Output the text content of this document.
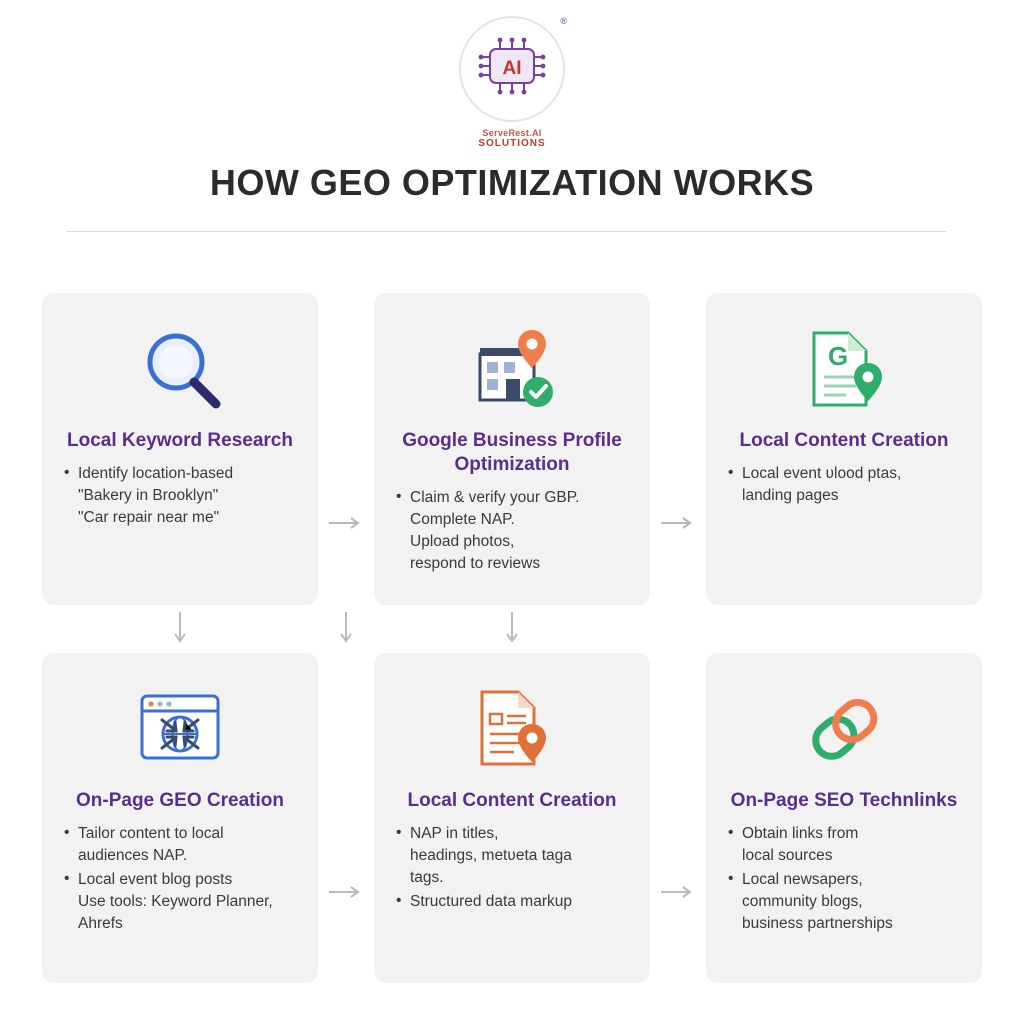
®
AI
ServeRest.AI
SOLUTIONS
HOW GEO OPTIMIZATION WORKS
Local Keyword Research
• Identify location-based
"Bakery in Brooklyn"
"Car repair near me"
Google Business Profile Optimization
• Claim & verify your GBP.
Complete NAP.
Upload photos,
respond to reviews
G
Local Content Creation
• Local event ʋlood ptas,
landing pages
On-Page GEO Creation
• Tailor content to local
audiences NAP.
• Local event blog posts
Use tools: Keyword Planner,
Ahrefs
Local Content Creation
• NAP in titles,
headings, metʋeta taga
tags.
• Structured data markup
On-Page SEO Technlinks
• Obtain links from
local sources
• Local newsapers,
community blogs,
business partnerships
